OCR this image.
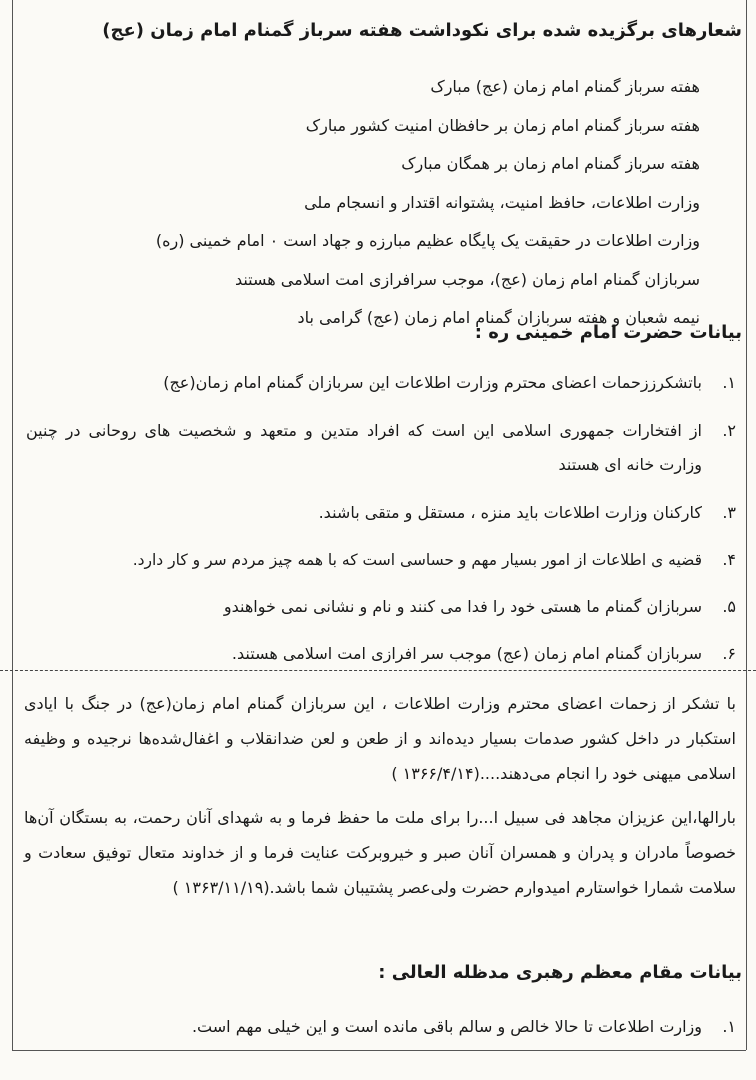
شعارهای برگزیده شده برای نکوداشت هفته سرباز گمنام امام زمان (عج)
هفته سرباز گمنام امام زمان (عج) مبارک
هفته سرباز گمنام امام زمان بر حافظان امنیت کشور مبارک
هفته سرباز گمنام امام زمان بر همگان مبارک
وزارت اطلاعات، حافظ امنیت، پشتوانه اقتدار و انسجام ملی
وزارت اطلاعات در حقیقت یک پایگاه عظیم مبارزه و جهاد است ۰ امام خمینی (ره)
سربازان گمنام امام زمان (عج)، موجب سرافرازی امت اسلامی هستند
نیمه شعبان و هفته سربازان گمنام امام زمان (عج) گرامی باد
بیانات حضرت امام خمینی ره :
۱.
باتشکرززحمات اعضای محترم وزارت اطلاعات این سربازان گمنام امام زمان(عج)
۲.
از افتخارات جمهوری اسلامی این است که افراد متدین و متعهد و شخصیت های روحانی در چنین وزارت خانه ای هستند
۳.
کارکنان وزارت اطلاعات باید منزه ، مستقل و متقی باشند.
۴.
قضیه ی اطلاعات از امور بسیار مهم و حساسی است که با همه چیز مردم سر و کار دارد.
۵.
سربازان گمنام ما هستی خود را فدا می کنند و نام و نشانی نمی خواهندو
۶.
سربازان گمنام امام زمان (عج) موجب سر افرازی امت اسلامی هستند.
با تشکر از زحمات اعضای محترم وزارت اطلاعات ، این سربازان گمنام امام زمان(عج) در جنگ با ایادی استکبار در داخل کشور صدمات بسیار دیده‌اند و از طعن و لعن ضدانقلاب و اغفال‌شده‌ها نرجیده و وظیفه اسلامی میهنی خود را انجام می‌دهند....(۱۳۶۶/۴/۱۴ )
بارالها،این عزیزان مجاهد فی سبیل ا...را برای ملت ما حفظ فرما و به شهدای آنان رحمت، به بستگان آن‌ها خصوصاً مادران و پدران و همسران آنان صبر و خیروبرکت عنایت فرما و از خداوند متعال توفیق سعادت و سلامت شمارا خواستارم امیدوارم حضرت ولی‌عصر پشتیبان شما باشد.(۱۳۶۳/۱۱/۱۹ )
بیانات مقام معظم رهبری مدظله العالی :
۱.
وزارت اطلاعات تا حالا خالص و سالم باقی مانده است و این خیلی مهم است.
